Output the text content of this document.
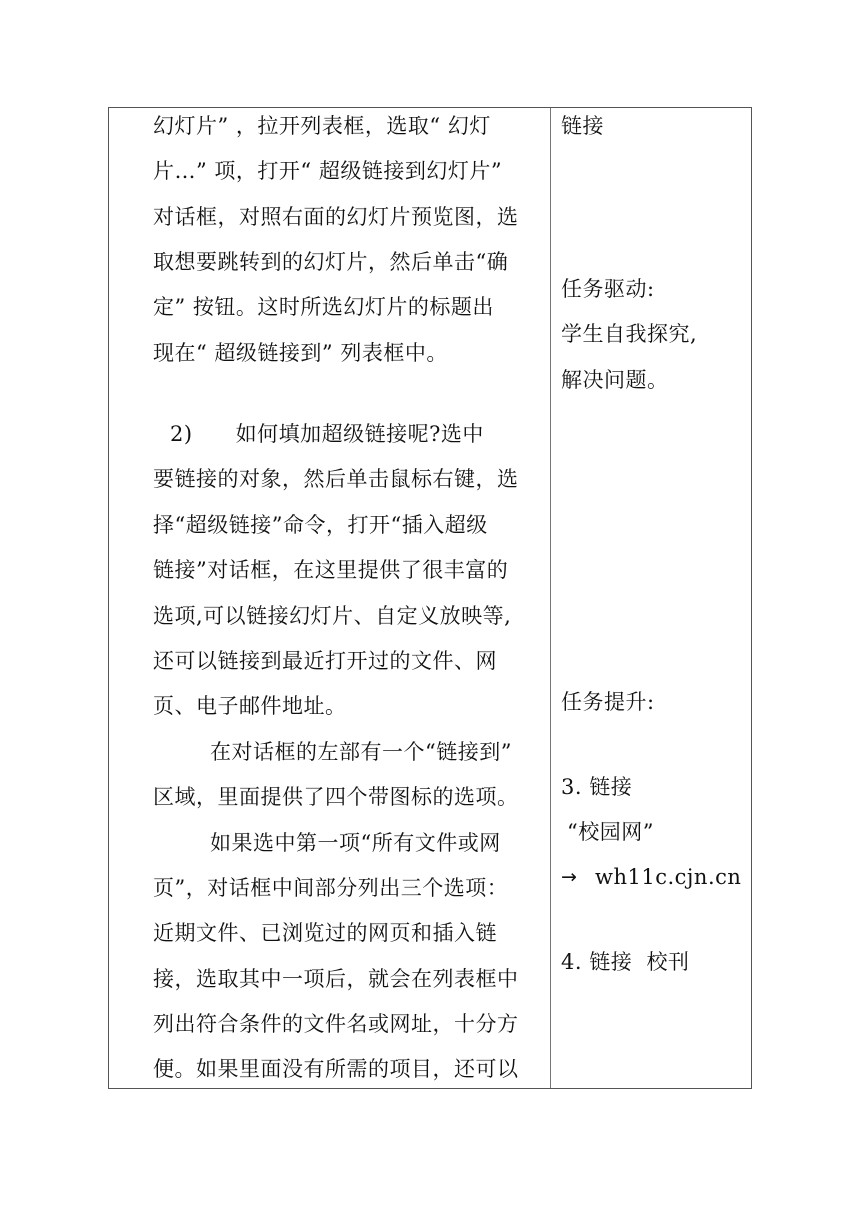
幻灯片” ，拉开列表框，选取“ 幻灯
片…” 项，打开“ 超级链接到幻灯片”
对话框，对照右面的幻灯片预览图，选
取想要跳转到的幻灯片，然后单击“确
定” 按钮。这时所选幻灯片的标题出
现在“ 超级链接到” 列表框中。
2)      如何填加超级链接呢?选中
要链接的对象，然后单击鼠标右键，选
择“超级链接”命令，打开“插入超级
链接”对话框，在这里提供了很丰富的
选项,可以链接幻灯片、自定义放映等,
还可以链接到最近打开过的文件、网
页、电子邮件地址。
在对话框的左部有一个“链接到”
区域，里面提供了四个带图标的选项。
如果选中第一项“所有文件或网
页”，对话框中间部分列出三个选项：
近期文件、已浏览过的网页和插入链
接，选取其中一项后，就会在列表框中
列出符合条件的文件名或网址，十分方
便。如果里面没有所需的项目，还可以
链接
任务驱动:
学生自我探究,
解决问题。
任务提升:
3. 链接
“校园网”
→ wh11c.cjn.cn
4. 链接  校刊
